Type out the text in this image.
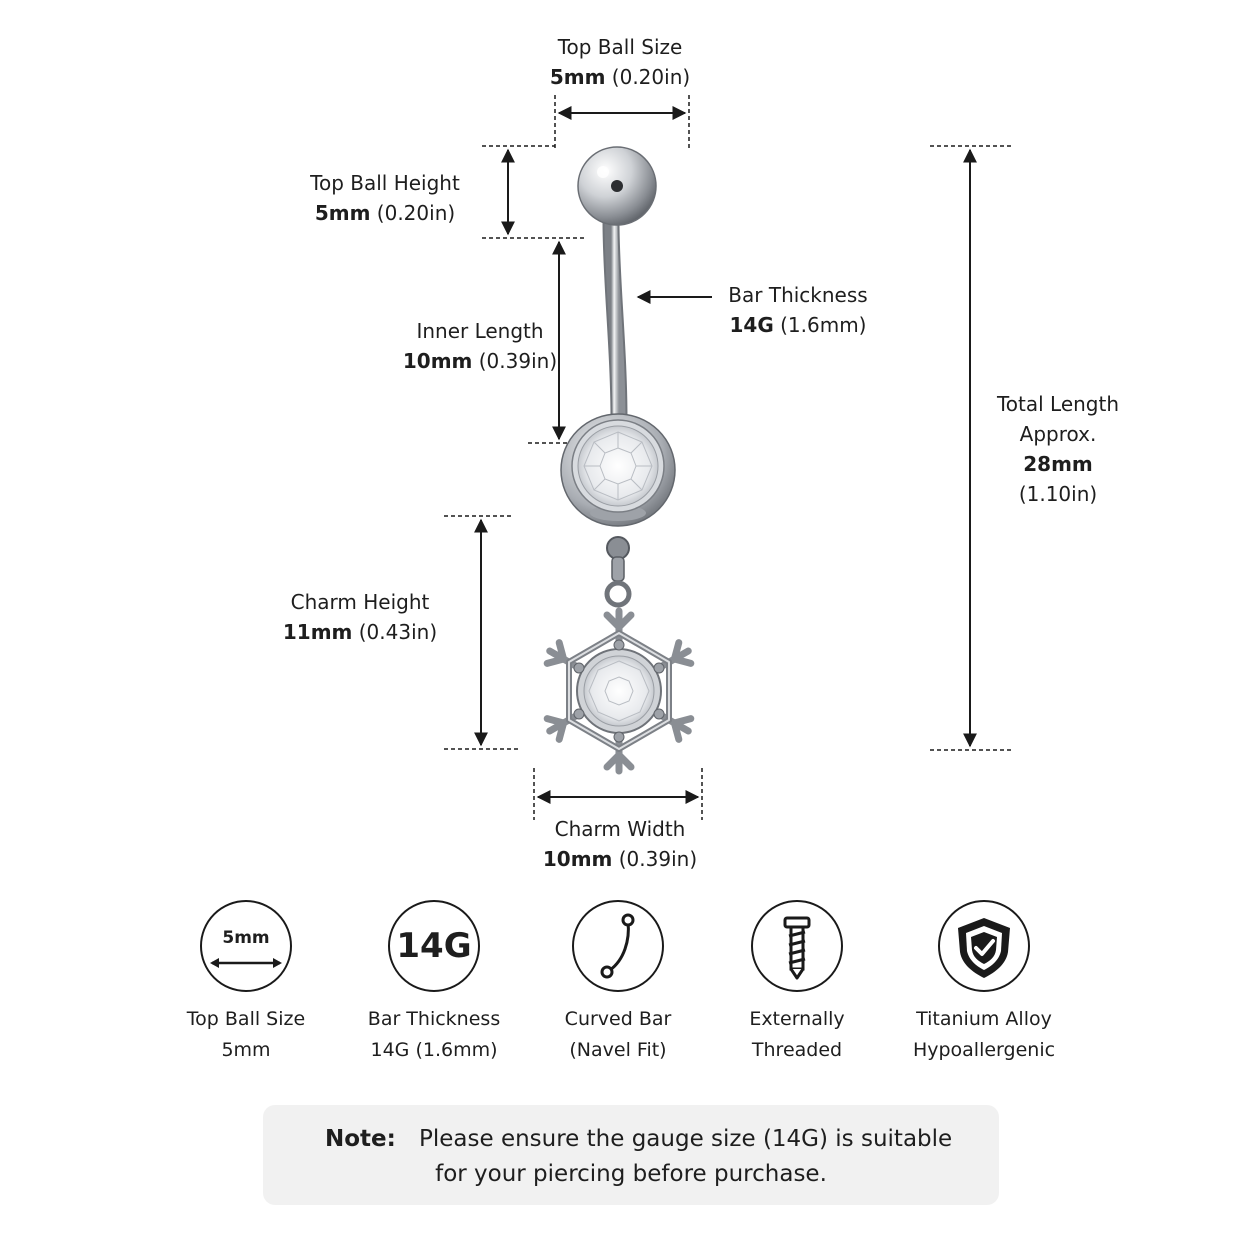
Top Ball Size
5mm (0.20in)
Top Ball Height
5mm (0.20in)
Bar Thickness
14G (1.6mm)
Inner Length
10mm (0.39in)
Total Length
Approx.
28mm
(1.10in)
Charm Height
11mm (0.43in)
Charm Width
10mm (0.39in)
5mm
Top Ball Size
5mm
14G
Bar Thickness
14G (1.6mm)
Curved Bar
(Navel Fit)
Externally
Threaded
Titanium Alloy
Hypoallergenic
Note: Please ensure the gauge size (14G) is suitable
for your piercing before purchase.
